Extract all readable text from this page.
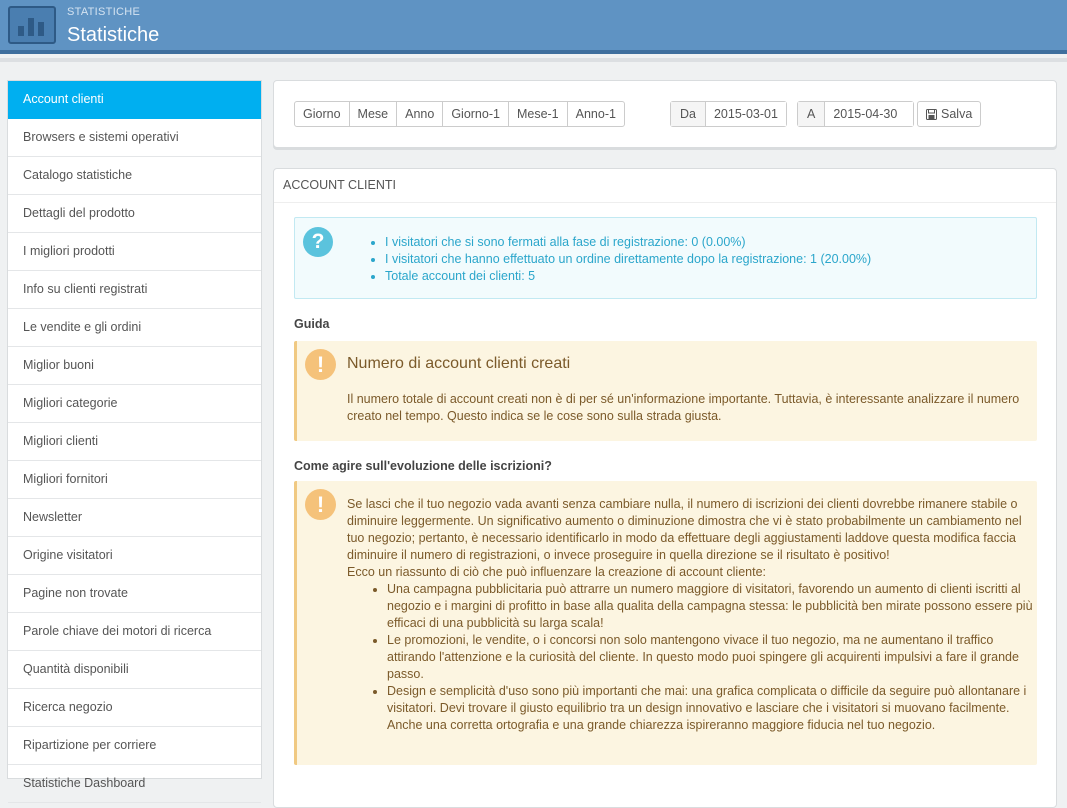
STATISTICHE
Statistiche
Account clienti
Browsers e sistemi operativi
Catalogo statistiche
Dettagli del prodotto
I migliori prodotti
Info su clienti registrati
Le vendite e gli ordini
Miglior buoni
Migliori categorie
Migliori clienti
Migliori fornitori
Newsletter
Origine visitatori
Pagine non trovate
Parole chiave dei motori di ricerca
Quantità disponibili
Ricerca negozio
Ripartizione per corriere
Statistiche Dashboard
Giorno	Mese	Anno	Giorno-1	Mese-1	Anno-1	Da	2015-03-01	A	2015-04-30	Salva
ACCOUNT CLIENTI
?
•	I visitatori che si sono fermati alla fase di registrazione: 0 (0.00%)
• I visitatori che hanno effettuato un ordine direttamente dopo la registrazione: 1 (20.00%)
• Totale account dei clienti: 5
Guida
!	Numero di account clienti creati
Il numero totale di account creati non è di per sé un'informazione importante. Tuttavia, è interessante analizzare il numero creato nel tempo. Questo indica se le cose sono sulla strada giusta.
Come agire sull'evoluzione delle iscrizioni?
!	Se lasci che il tuo negozio vada avanti senza cambiare nulla, il numero di iscrizioni dei clienti dovrebbe rimanere stabile o diminuire leggermente. Un significativo aumento o diminuzione dimostra che vi è stato probabilmente un cambiamento nel tuo negozio; pertanto, è necessario identificarlo in modo da effettuare degli aggiustamenti laddove questa modifica faccia diminuire il numero di registrazioni, o invece proseguire in quella direzione se il risultato è positivo!
Ecco un riassunto di ciò che può influenzare la creazione di account cliente:
• Una campagna pubblicitaria può attrarre un numero maggiore di visitatori, favorendo un aumento di clienti iscritti al negozio e i margini di profitto in base alla qualita della campagna stessa: le pubblicità ben mirate possono essere più efficaci di una pubblicità su larga scala!
• Le promozioni, le vendite, o i concorsi non solo mantengono vivace il tuo negozio, ma ne aumentano il traffico attirando l'attenzione e la curiosità del cliente. In questo modo puoi spingere gli acquirenti impulsivi a fare il grande passo.
• Design e semplicità d'uso sono più importanti che mai: una grafica complicata o difficile da seguire può allontanare i visitatori. Devi trovare il giusto equilibrio tra un design innovativo e lasciare che i visitatori si muovano facilmente. Anche una corretta ortografia e una grande chiarezza ispireranno maggiore fiducia nel tuo negozio.
